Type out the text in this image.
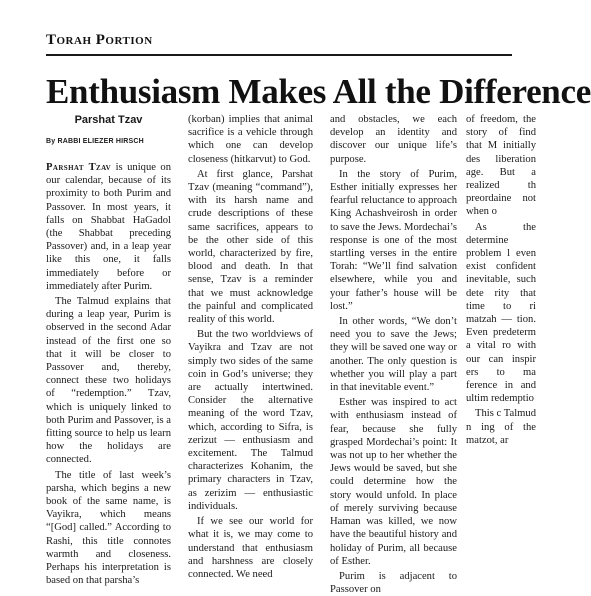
Torah Portion
Enthusiasm Makes All the Difference
Parshat Tzav
By RABBI ELIEZER HIRSCH

Parshat Tzav is unique on our calendar, because of its proximity to both Purim and Passover. In most years, it falls on Shabbat HaGadol (the Shabbat preceding Passover) and, in a leap year like this one, it falls immediately before or immediately after Purim.

The Talmud explains that during a leap year, Purim is observed in the second Adar instead of the first one so that it will be closer to Passover and, thereby, connect these two holidays of “redemption.” Tzav, which is uniquely linked to both Purim and Passover, is a fitting source to help us learn how the holidays are connected.

The title of last week’s parsha, which begins a new book of the same name, is Vayikra, which means “[God] called.” According to Rashi, this title connotes warmth and closeness. Perhaps his interpretation is based on that parsha’s

(korban) implies that animal sacrifice is a vehicle through which one can develop closeness (hitkarvut) to God.

At first glance, Parshat Tzav (meaning “command”), with its harsh name and crude descriptions of these same sacrifices, appears to be the other side of this world, characterized by fire, blood and death. In that sense, Tzav is a reminder that we must acknowledge the painful and complicated reality of this world.

But the two worldviews of Vayikra and Tzav are not simply two sides of the same coin in God’s universe; they are actually intertwined. Consider the alternative meaning of the word Tzav, which, according to Sifra, is zerizut — enthusiasm and excitement. The Talmud characterizes Kohanim, the primary characters in Tzav, as zerizim — enthusiastic individuals.

If we see our world for what it is, we may come to understand that enthusiasm and harshness are closely connected. We need

and obstacles, we each develop an identity and discover our unique life’s purpose.

In the story of Purim, Esther initially expresses her fearful reluctance to approach King Achashveirosh in order to save the Jews. Mordechai’s response is one of the most startling verses in the entire Torah: “We’ll find salvation elsewhere, while you and your father’s house will be lost.”

In other words, “We don’t need you to save the Jews; they will be saved one way or another. The only question is whether you will play a part in that inevitable event.”

Esther was inspired to act with enthusiasm instead of fear, because she fully grasped Mordechai’s point: It was not up to her whether the Jews would be saved, but she could determine how the story would unfold. In place of merely surviving because Haman was killed, we now have the beautiful history and holiday of Purim, all because of Esther.

Purim is adjacent to Passover on

of freedom, the story of find that M initially des liberation age. But a realized th preordaine not when o

As the determine problem l even exist confident inevitable, such dete rity that time to ri matzah — tion. Even predeterm a vital ro with our can inspir ers to ma ference in and ultim redemptio

This c Talmud n ing of the matzot, ar
